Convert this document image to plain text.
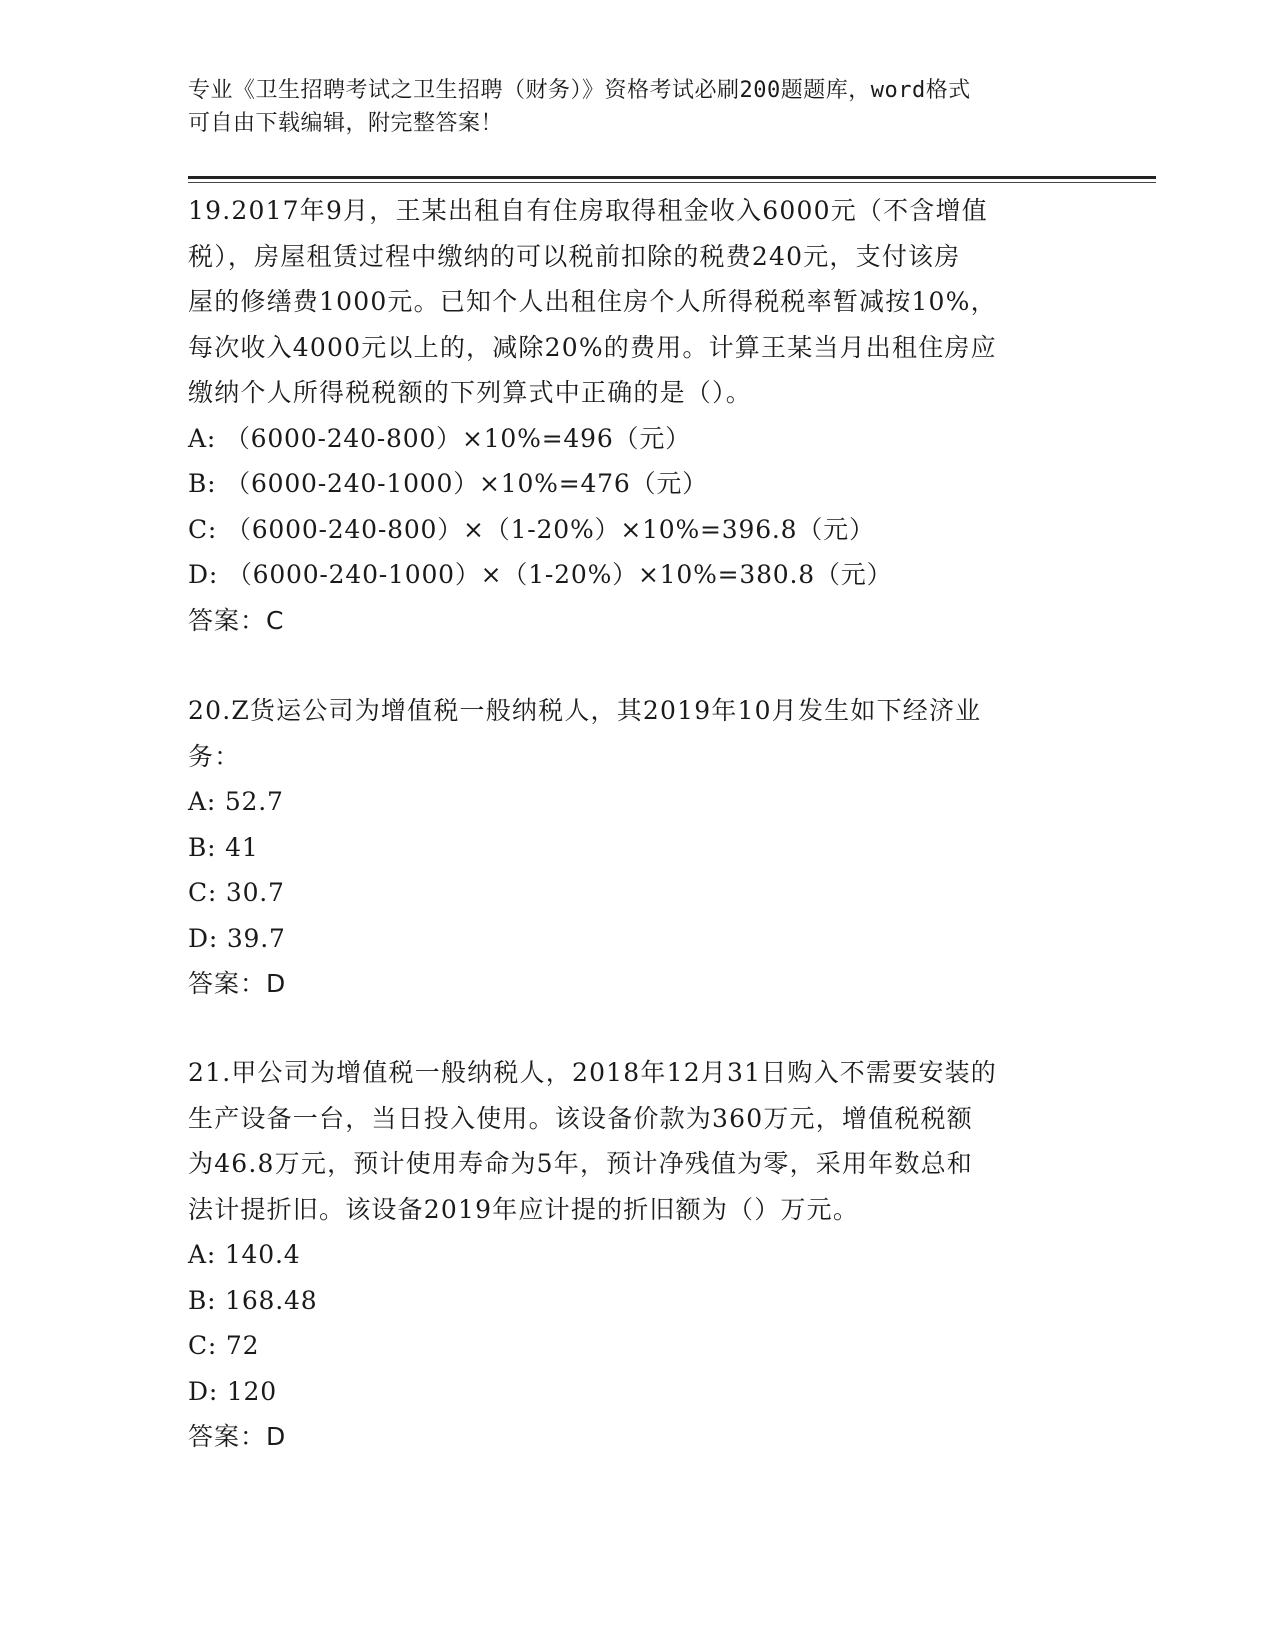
专业《卫生招聘考试之卫生招聘（财务）》资格考试必刷200题题库，word格式
可自由下载编辑，附完整答案！

19.2017年9月，王某出租自有住房取得租金收入6000元（不含增值

税），房屋租赁过程中缴纳的可以税前扣除的税费240元，支付该房

屋的修缮费1000元。已知个人出租住房个人所得税税率暂减按10%，

每次收入4000元以上的，减除20%的费用。计算王某当月出租住房应

缴纳个人所得税税额的下列算式中正确的是（）。

A: （6000-240-800）×10%=496（元）

B: （6000-240-1000）×10%=476（元）

C: （6000-240-800）×（1-20%）×10%=396.8（元）

D: （6000-240-1000）×（1-20%）×10%=380.8（元）

答案：C

20.Z货运公司为增值税一般纳税人，其2019年10月发生如下经济业

务：

A: 52.7

B: 41

C: 30.7

D: 39.7

答案：D

21.甲公司为增值税一般纳税人，2018年12月31日购入不需要安装的

生产设备一台，当日投入使用。该设备价款为360万元，增值税税额

为46.8万元，预计使用寿命为5年，预计净残值为零，采用年数总和

法计提折旧。该设备2019年应计提的折旧额为（）万元。

A: 140.4

B: 168.48

C: 72

D: 120

答案：D
